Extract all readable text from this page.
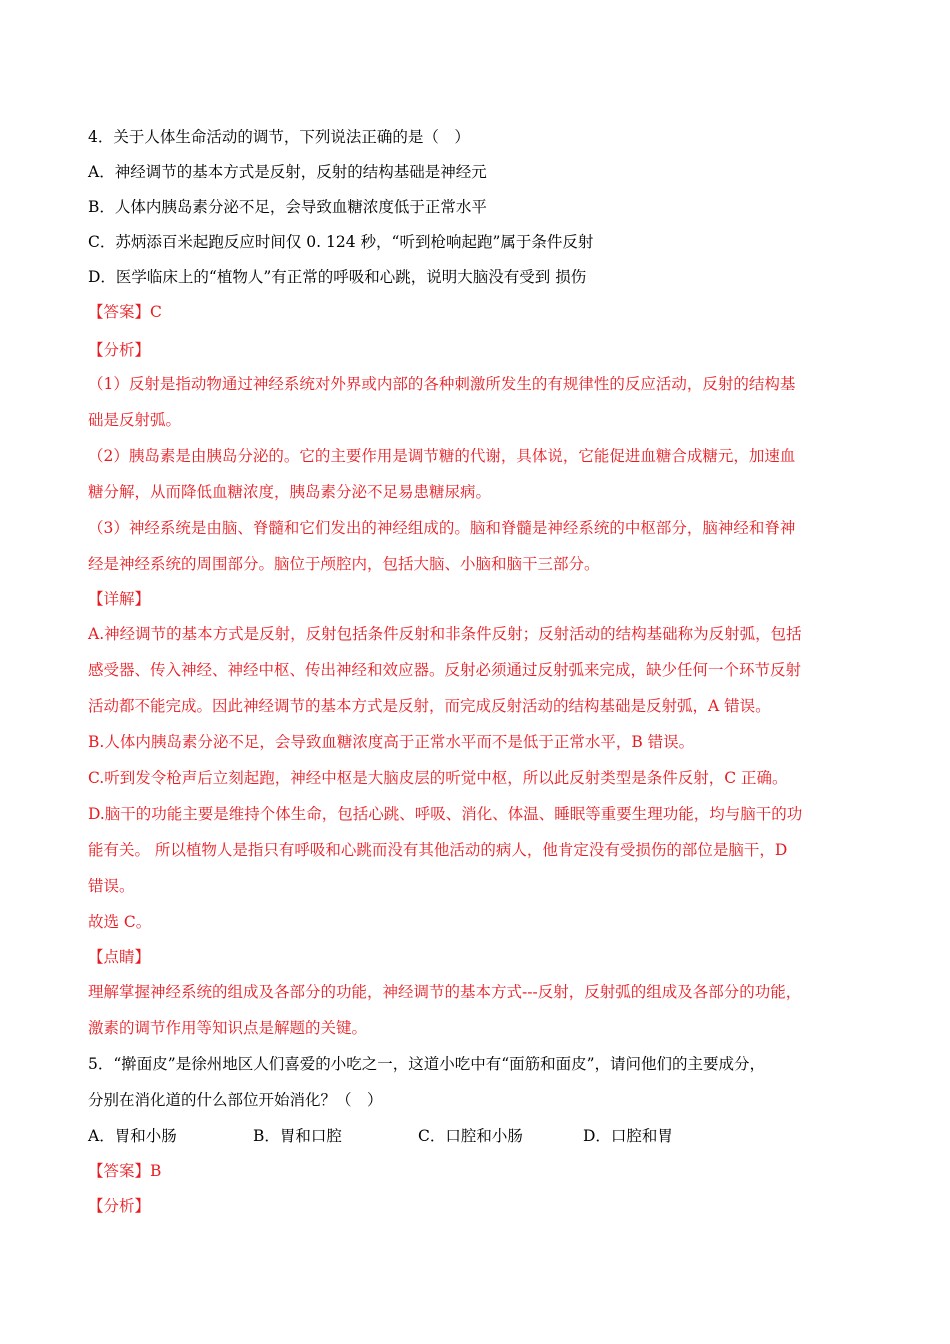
4．关于人体生命活动的调节，下列说法正确的是（　）
A．神经调节的基本方式是反射，反射的结构基础是神经元
B．人体内胰岛素分泌不足，会导致血糖浓度低于正常水平
C．苏炳添百米起跑反应时间仅 0. 124 秒，“听到枪响起跑”属于条件反射
D．医学临床上的“植物人”有正常的呼吸和心跳，说明大脑没有受到 损伤
【答案】C
【分析】
（1）反射是指动物通过神经系统对外界或内部的各种刺激所发生的有规律性的反应活动，反射的结构基
础是反射弧。
（2）胰岛素是由胰岛分泌的。它的主要作用是调节糖的代谢，具体说，它能促进血糖合成糖元，加速血
糖分解，从而降低血糖浓度，胰岛素分泌不足易患糖尿病。
（3）神经系统是由脑、脊髓和它们发出的神经组成的。脑和脊髓是神经系统的中枢部分，脑神经和脊神
经是神经系统的周围部分。脑位于颅腔内，包括大脑、小脑和脑干三部分。
【详解】
A.神经调节的基本方式是反射，反射包括条件反射和非条件反射；反射活动的结构基础称为反射弧，包括
感受器、传入神经、神经中枢、传出神经和效应器。反射必须通过反射弧来完成，缺少任何一个环节反射
活动都不能完成。因此神经调节的基本方式是反射，而完成反射活动的结构基础是反射弧，A 错误。
B.人体内胰岛素分泌不足，会导致血糖浓度高于正常水平而不是低于正常水平，B 错误。
C.听到发令枪声后立刻起跑，神经中枢是大脑皮层的听觉中枢，所以此反射类型是条件反射，C 正确。
D.脑干的功能主要是维持个体生命，包括心跳、呼吸、消化、体温、睡眠等重要生理功能，均与脑干的功
能有关。 所以植物人是指只有呼吸和心跳而没有其他活动的病人，他肯定没有受损伤的部位是脑干，D
错误。
故选 C。
【点睛】
理解掌握神经系统的组成及各部分的功能，神经调节的基本方式---反射，反射弧的组成及各部分的功能，
激素的调节作用等知识点是解题的关键。
5．“擀面皮”是徐州地区人们喜爱的小吃之一，这道小吃中有“面筋和面皮”，请问他们的主要成分，
分别在消化道的什么部位开始消化？（　）
A．胃和小肠	B．胃和口腔	C．口腔和小肠	D．口腔和胃
【答案】B
【分析】
